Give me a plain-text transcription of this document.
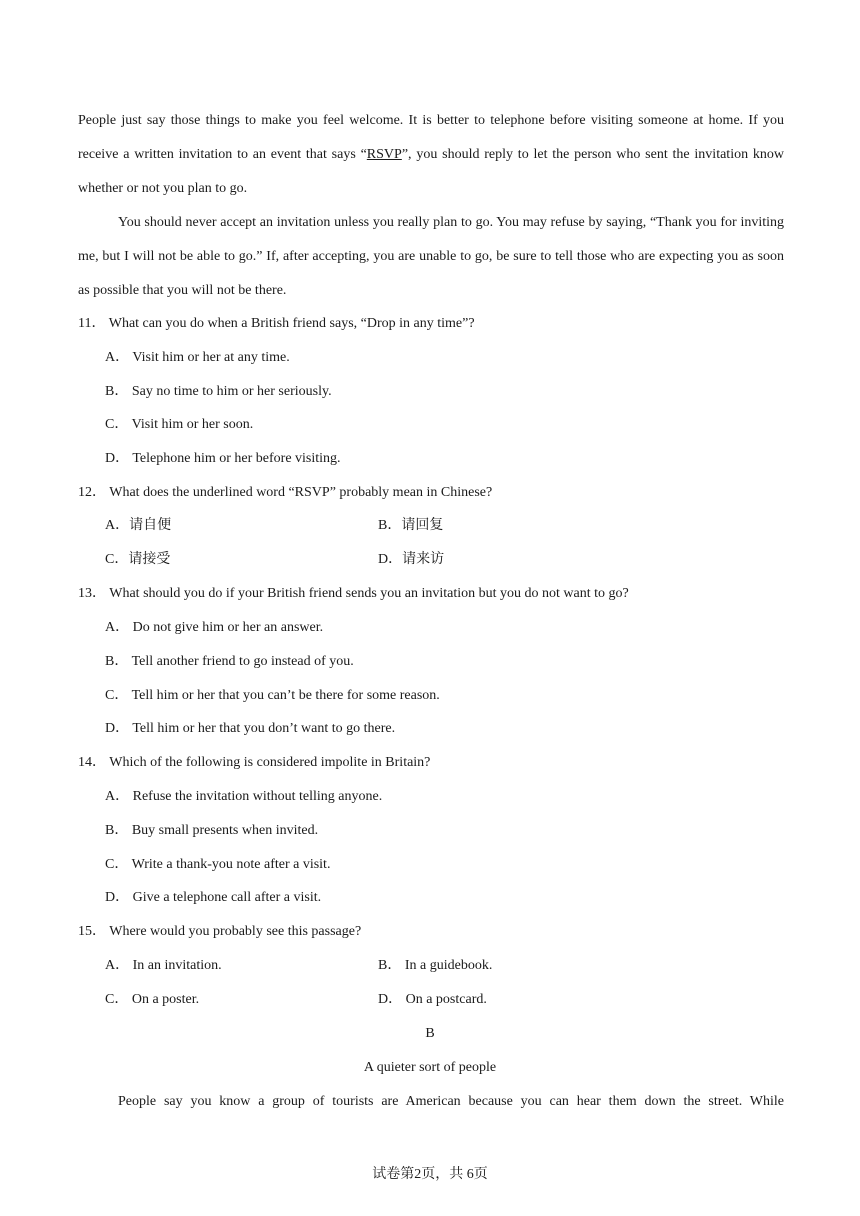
People just say those things to make you feel welcome. It is better to telephone before visiting someone at home. If you receive a written invitation to an event that says “RSVP”, you should reply to let the person who sent the invitation know whether or not you plan to go.

You should never accept an invitation unless you really plan to go. You may refuse by saying, “Thank you for inviting me, but I will not be able to go.” If, after accepting, you are unable to go, be sure to tell those who are expecting you as soon as possible that you will not be there.

11． What can you do when a British friend says, “Drop in any time”?
A． Visit him or her at any time.
B． Say no time to him or her seriously.
C． Visit him or her soon.
D． Telephone him or her before visiting.
12． What does the underlined word “RSVP” probably mean in Chinese?
A．请自便	B．请回复
C．请接受	D．请来访
13． What should you do if your British friend sends you an invitation but you do not want to go?
A． Do not give him or her an answer.
B． Tell another friend to go instead of you.
C． Tell him or her that you can’t be there for some reason.
D． Tell him or her that you don’t want to go there.
14． Which of the following is considered impolite in Britain?
A． Refuse the invitation without telling anyone.
B． Buy small presents when invited.
C． Write a thank-you note after a visit.
D． Give a telephone call after a visit.
15． Where would you probably see this passage?
A． In an invitation.	B． In a guidebook.
C． On a poster.	D． On a postcard.
B
A quieter sort of people
People say you know a group of tourists are American because you can hear them down the street. While
试卷第2页，共 6页
